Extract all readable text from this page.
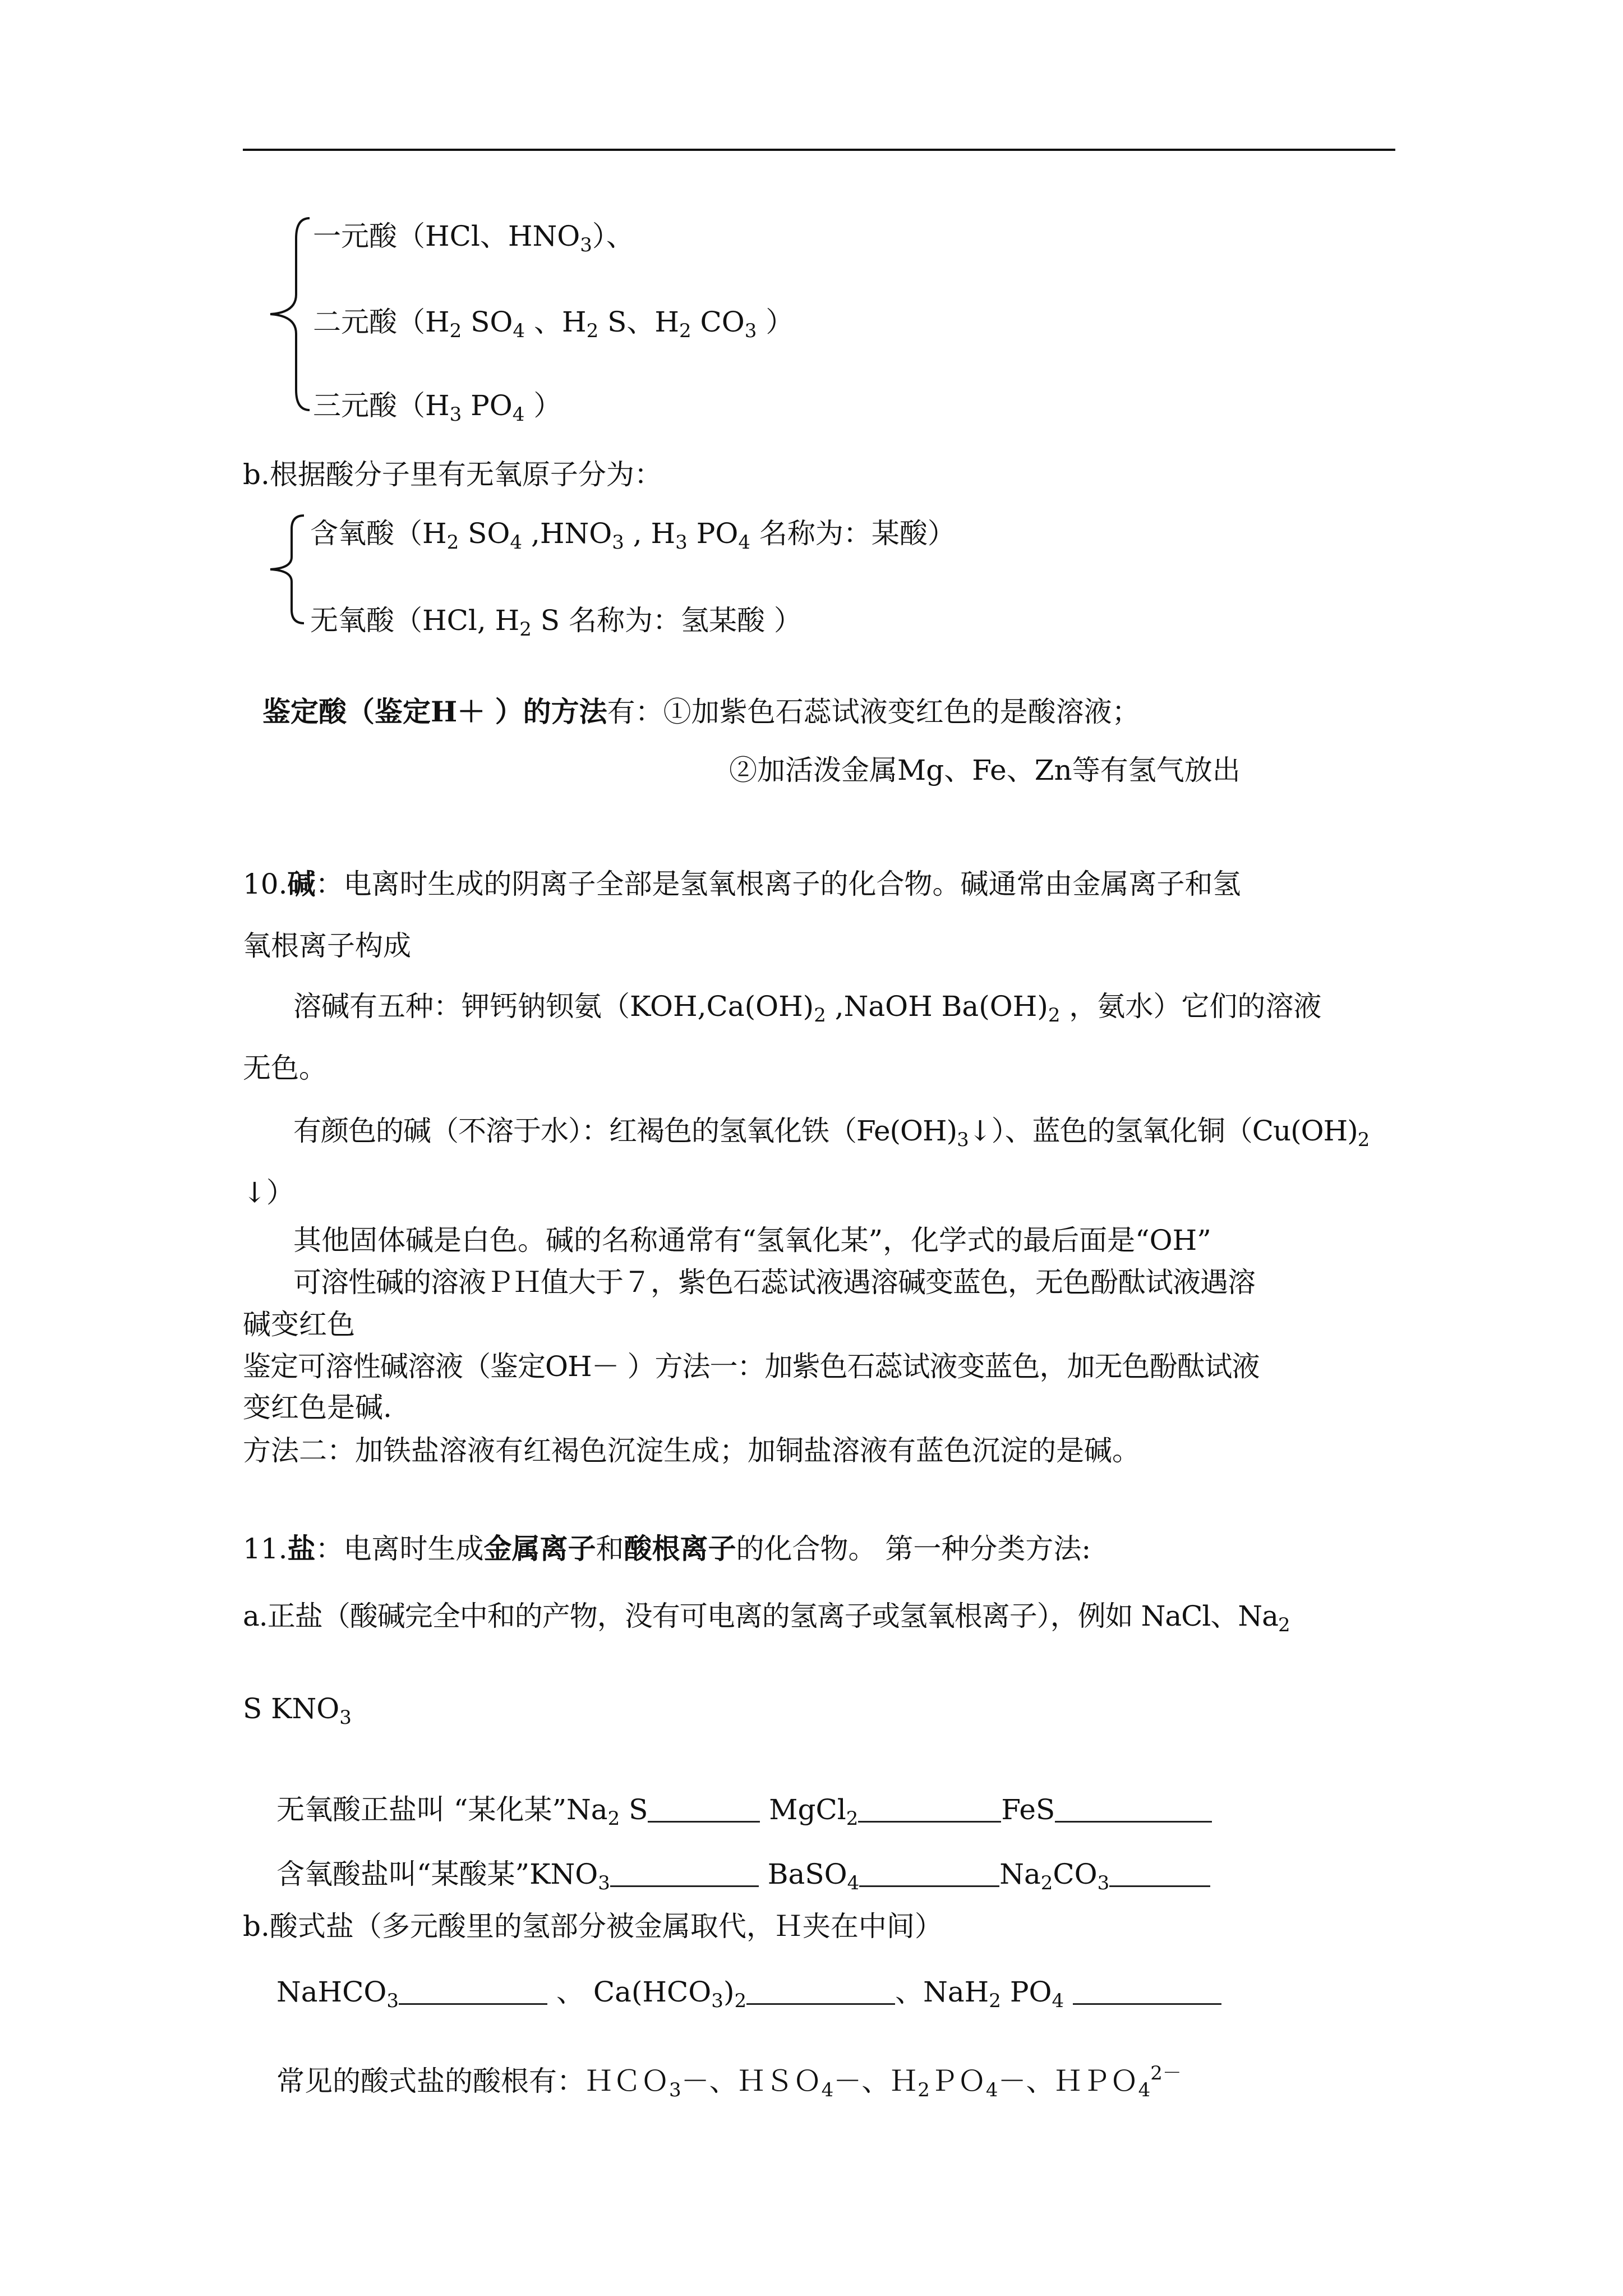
一元酸（HCl、$HNO_3$）、
二元酸（$H_2$ $SO_4$ 、$H_2$ S、$H_2$ $CO_3$ ）
三元酸（$H_3$ $PO_4$ ）
b.根据酸分子里有无氧原子分为：
含氧酸（$H_2$ $SO_4$ $,HNO_3$ , $H_3$ $PO_4$ 名称为：某酸）
无氧酸（HCl, $H_2$ S 名称为：氢某酸 ）
鉴定酸（鉴定H＋ ）的方法有：①加紫色石蕊试液变红色的是酸溶液；
②加活泼金属Mg、Fe、Zn等有氢气放出
10.碱：电离时生成的阴离子全部是氢氧根离子的化合物。碱通常由金属离子和氢
氧根离子构成
溶碱有五种：钾钙钠钡氨（$KOH,Ca(OH)_2$ ,NaOH $Ba(OH)_2$ ，氨水）它们的溶液
无色。
有颜色的碱（不溶于水）：红褐色的氢氧化铁$(Fe(OH)_3↓)$、蓝色的氢氧化铜（$Cu(OH)_2$
↓）
其他固体碱是白色。碱的名称通常有“氢氧化某”，化学式的最后面是“OH”
可溶性碱的溶液ＰＨ值大于７，紫色石蕊试液遇溶碱变蓝色，无色酚酞试液遇溶
碱变红色
鉴定可溶性碱溶液（鉴定OH－ ）方法一：加紫色石蕊试液变蓝色，加无色酚酞试液
变红色是碱.
方法二：加铁盐溶液有红褐色沉淀生成；加铜盐溶液有蓝色沉淀的是碱。
11.盐：电离时生成金属离子和酸根离子的化合物。 第一种分类方法:
a.正盐（酸碱完全中和的产物，没有可电离的氢离子或氢氧根离子），例如 NaCl、$Na_2$
S $KNO_3$
无氧酸正盐叫 “某化某$”Na_2$ S	MgCl$_2$	FeS
含氧酸盐叫“某酸某$”KNO_3$	BaSO$_4$	$Na_2CO_3$
b.酸式盐（多元酸里的氢部分被金属取代，Ｈ夹在中间）
NaHCO$_3$	、 $Ca(HCO_3)_2$	、NaH$_2$ $PO_4$
常见的酸式盐的酸根有：ＨＣＯ$_3$－、ＨＳＯ$_4$－、Ｈ$_2$ＰＯ$_4$－、ＨＰＯ$_4^{2-}$
